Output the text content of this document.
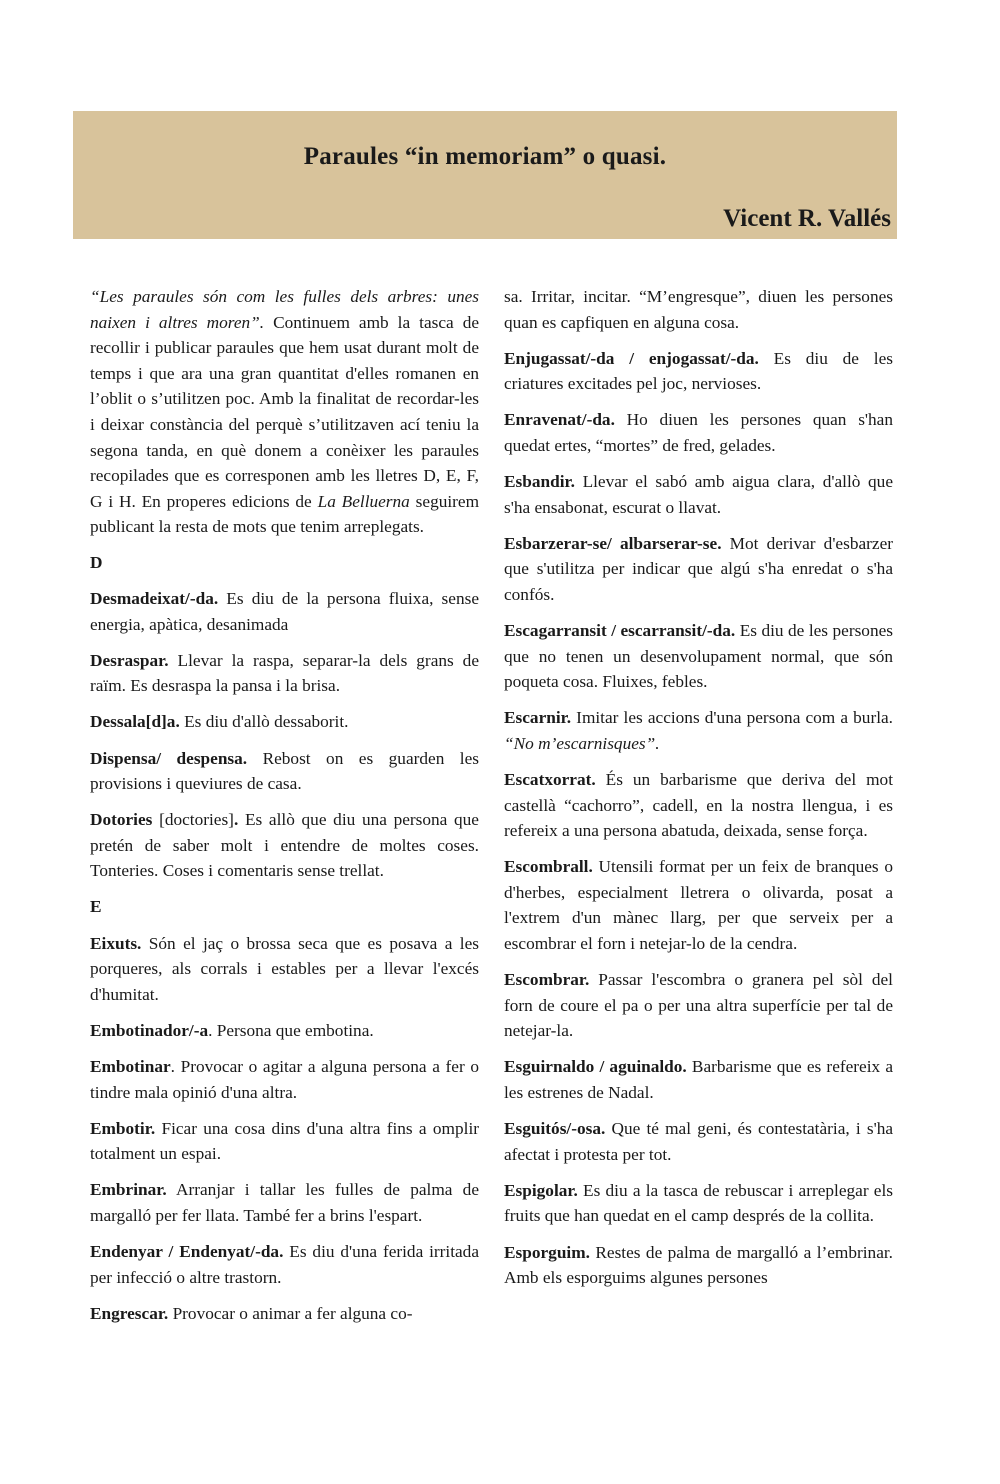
Paraules “in memoriam” o quasi.
Vicent R. Vallés

“Les paraules són com les fulles dels arbres: unes naixen i altres moren”. Continuem amb la tasca de recollir i publicar paraules que hem usat durant molt de temps i que ara una gran quantitat d'elles romanen en l’oblit o s’utilitzen poc. Amb la finalitat de recordar-les i deixar constància del perquè s’utilitzaven ací teniu la segona tanda, en què donem a conèixer les paraules recopilades que es corresponen amb les lletres D, E, F, G i H. En properes edicions de La Belluerna seguirem publicant la resta de mots que tenim arreplegats.

D

Desmadeixat/-da. Es diu de la persona fluixa, sense energia, apàtica, desanimada

Desraspar. Llevar la raspa, separar-la dels grans de raïm. Es desraspa la pansa i la brisa.

Dessala[d]a. Es diu d'allò dessaborit.

Dispensa/ despensa. Rebost on es guarden les provisions i queviures de casa.

Dotories [doctories]. Es allò que diu una persona que pretén de saber molt i entendre de moltes coses. Tonteries. Coses i comentaris sense trellat.

E

Eixuts. Són el jaç o brossa seca que es posava a les porqueres, als corrals i estables per a llevar l'excés d'humitat.

Embotinador/-a. Persona que embotina.

Embotinar. Provocar o agitar a alguna persona a fer o tindre mala opinió d'una altra.

Embotir. Ficar una cosa dins d'una altra fins a omplir totalment un espai.

Embrinar. Arranjar i tallar les fulles de palma de margalló per fer llata. També fer a brins l'espart.

Endenyar / Endenyat/-da. Es diu d'una ferida irritada per infecció o altre trastorn.

Engrescar. Provocar o animar a fer alguna co-

sa. Irritar, incitar. “M’engresque”, diuen les persones quan es capfiquen en alguna cosa.

Enjugassat/-da / enjogassat/-da. Es diu de les criatures excitades pel joc, nervioses.

Enravenat/-da. Ho diuen les persones quan s'han quedat ertes, “mortes” de fred, gelades.

Esbandir. Llevar el sabó amb aigua clara, d'allò que s'ha ensabonat, escurat o llavat.

Esbarzerar-se/ albarserar-se. Mot derivar d'esbarzer que s'utilitza per indicar que algú s'ha enredat o s'ha confós.

Escagarransit / escarransit/-da. Es diu de les persones que no tenen un desenvolupament normal, que són poqueta cosa. Fluixes, febles.

Escarnir. Imitar les accions d'una persona com a burla. “No m’escarnisques”.

Escatxorrat. És un barbarisme que deriva del mot castellà “cachorro”, cadell, en la nostra llengua, i es refereix a una persona abatuda, deixada, sense força.

Escombrall. Utensili format per un feix de branques o d'herbes, especialment lletrera o olivarda, posat a l'extrem d'un mànec llarg, per que serveix per a escombrar el forn i netejar-lo de la cendra.

Escombrar. Passar l'escombra o granera pel sòl del forn de coure el pa o per una altra superfície per tal de netejar-la.

Esguirnaldo / aguinaldo. Barbarisme que es refereix a les estrenes de Nadal.

Esguitós/-osa. Que té mal geni, és contestatària, i s'ha afectat i protesta per tot.

Espigolar. Es diu a la tasca de rebuscar i arreplegar els fruits que han quedat en el camp després de la collita.

Esporguim. Restes de palma de margalló a l’embrinar. Amb els esporguims algunes persones
